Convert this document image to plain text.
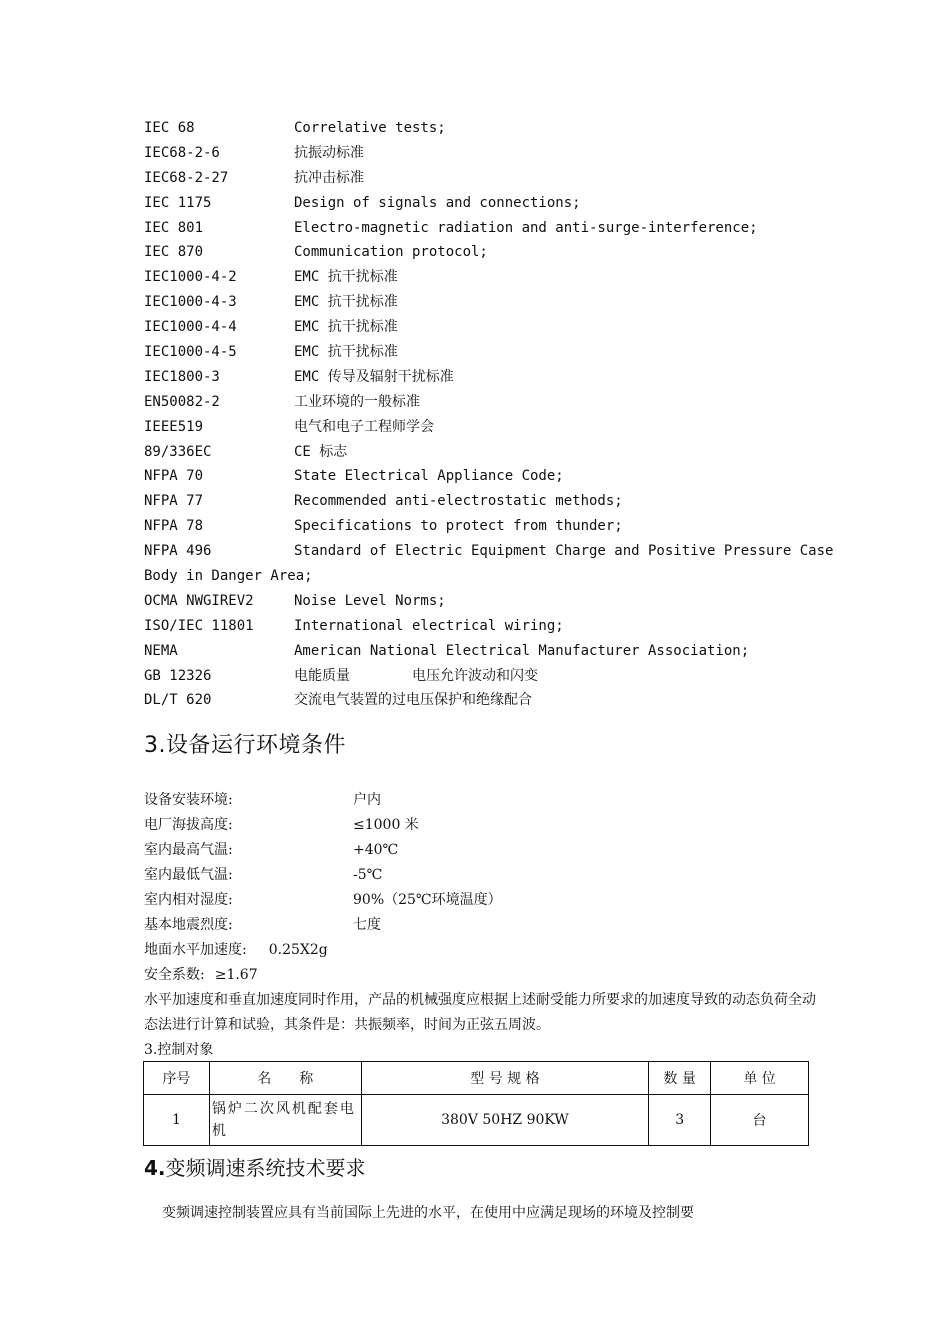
IEC 68	Correlative tests;
IEC68-2-6	抗振动标准
IEC68-2-27	抗冲击标准
IEC 1175	Design of signals and connections;
IEC 801	Electro-magnetic radiation and anti-surge-interference;
IEC 870	Communication protocol;
IEC1000-4-2	EMC 抗干扰标准
IEC1000-4-3	EMC 抗干扰标准
IEC1000-4-4	EMC 抗干扰标准
IEC1000-4-5	EMC 抗干扰标准
IEC1800-3	EMC 传导及辐射干扰标准
EN50082-2	工业环境的一般标准
IEEE519	电气和电子工程师学会
89/336EC	CE 标志
NFPA 70	State Electrical Appliance Code;
NFPA 77	Recommended anti-electrostatic methods;
NFPA 78	Specifications to protect from thunder;
NFPA 496	Standard of Electric Equipment Charge and Positive Pressure Case
Body in Danger Area;
OCMA NWGIREV2	Noise Level Norms;
ISO/IEC 11801	International electrical wiring;
NEMA	American National Electrical Manufacturer Association;
GB 12326	电能质量	电压允许波动和闪变
DL/T 620	交流电气装置的过电压保护和绝缘配合
3.设备运行环境条件
设备安装环境:	户内
电厂海拔高度:	≤1000 米
室内最高气温:	+40℃
室内最低气温:	-5℃
室内相对湿度:	90%（25℃环境温度）
基本地震烈度:	七度
地面水平加速度: 0.25X2g
安全系数: ≥1.67
水平加速度和垂直加速度同时作用，产品的机械强度应根据上述耐受能力所要求的加速度导致的动态负荷全动态法进行计算和试验，其条件是：共振频率，时间为正弦五周波。
3.控制对象
序号	名　　称	型 号 规 格	数 量	单 位
1	锅炉二次风机配套电机	380V 50HZ 90KW	3	台
4.变频调速系统技术要求
变频调速控制装置应具有当前国际上先进的水平，在使用中应满足现场的环境及控制要
